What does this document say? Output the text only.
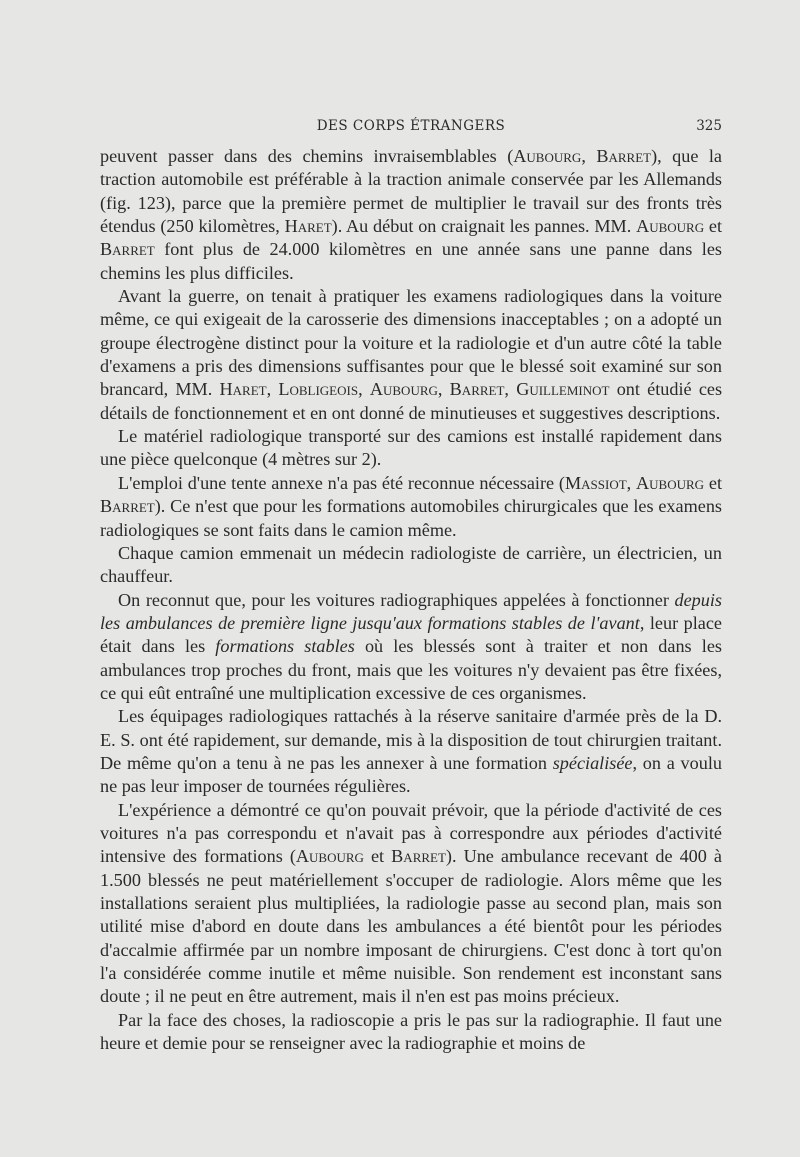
DES CORPS ÉTRANGERS	325

peuvent passer dans des chemins invraisemblables (Aubourg, Barret), que la traction automobile est préférable à la traction animale conservée par les Allemands (fig. 123), parce que la première permet de multiplier le travail sur des fronts très étendus (250 kilomètres, Haret). Au début on craignait les pannes. MM. Aubourg et Barret font plus de 24.000 kilomètres en une année sans une panne dans les chemins les plus difficiles.

Avant la guerre, on tenait à pratiquer les examens radiologiques dans la voiture même, ce qui exigeait de la carosserie des dimensions inacceptables ; on a adopté un groupe électrogène distinct pour la voiture et la radiologie et d'un autre côté la table d'examens a pris des dimensions suffisantes pour que le blessé soit examiné sur son brancard, MM. Haret, Lobligeois, Aubourg, Barret, Guilleminot ont étudié ces détails de fonctionnement et en ont donné de minutieuses et suggestives descriptions.

Le matériel radiologique transporté sur des camions est installé rapidement dans une pièce quelconque (4 mètres sur 2).

L'emploi d'une tente annexe n'a pas été reconnue nécessaire (Massiot, Aubourg et Barret). Ce n'est que pour les formations automobiles chirurgicales que les examens radiologiques se sont faits dans le camion même.

Chaque camion emmenait un médecin radiologiste de carrière, un électricien, un chauffeur.

On reconnut que, pour les voitures radiographiques appelées à fonctionner depuis les ambulances de première ligne jusqu'aux formations stables de l'avant, leur place était dans les formations stables où les blessés sont à traiter et non dans les ambulances trop proches du front, mais que les voitures n'y devaient pas être fixées, ce qui eût entraîné une multiplication excessive de ces organismes.

Les équipages radiologiques rattachés à la réserve sanitaire d'armée près de la D. E. S. ont été rapidement, sur demande, mis à la disposition de tout chirurgien traitant. De même qu'on a tenu à ne pas les annexer à une formation spécialisée, on a voulu ne pas leur imposer de tournées régulières.

L'expérience a démontré ce qu'on pouvait prévoir, que la période d'activité de ces voitures n'a pas correspondu et n'avait pas à correspondre aux périodes d'activité intensive des formations (Aubourg et Barret). Une ambulance recevant de 400 à 1.500 blessés ne peut matériellement s'occuper de radiologie. Alors même que les installations seraient plus multipliées, la radiologie passe au second plan, mais son utilité mise d'abord en doute dans les ambulances a été bientôt pour les périodes d'accalmie affirmée par un nombre imposant de chirurgiens. C'est donc à tort qu'on l'a considérée comme inutile et même nuisible. Son rendement est inconstant sans doute ; il ne peut en être autrement, mais il n'en est pas moins précieux.

Par la face des choses, la radioscopie a pris le pas sur la radiographie. Il faut une heure et demie pour se renseigner avec la radiographie et moins de
